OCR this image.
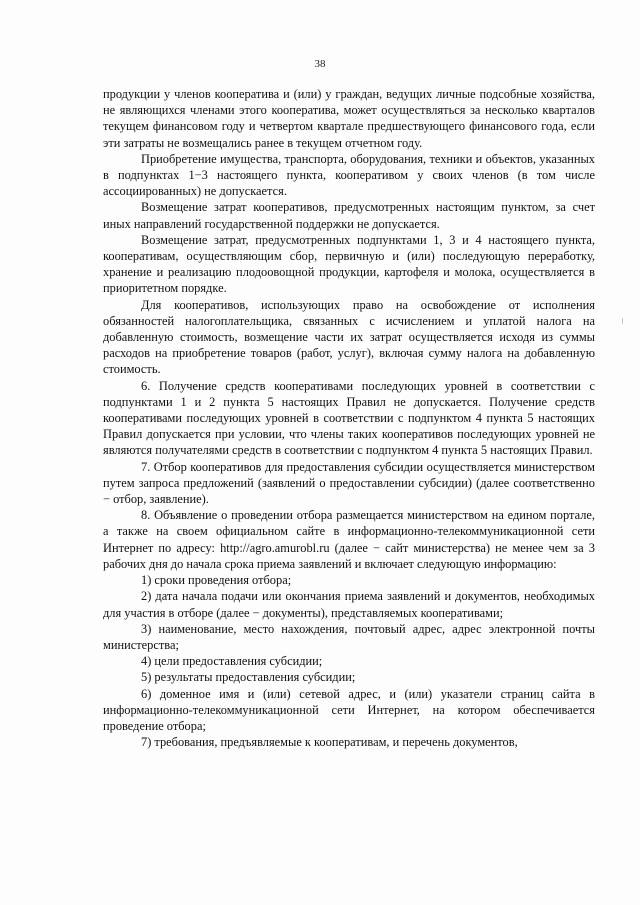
38

продукции у членов кооператива и (или) у граждан, ведущих личные подсобные хозяйства, не являющихся членами этого кооператива, может осуществляться за несколько кварталов текущем финансовом году и четвертом квартале предшествующего финансового года, если эти затраты не возмещались ранее в текущем отчетном году.

Приобретение имущества, транспорта, оборудования, техники и объектов, указанных в подпунктах 1−3 настоящего пункта, кооперативом у своих членов (в том числе ассоциированных) не допускается.

Возмещение затрат кооперативов, предусмотренных настоящим пунктом, за счет иных направлений государственной поддержки не допускается.

Возмещение затрат, предусмотренных подпунктами 1, 3 и 4 настоящего пункта, кооперативам, осуществляющим сбор, первичную и (или) последующую переработку, хранение и реализацию плодоовощной продукции, картофеля и молока, осуществляется в приоритетном порядке.

Для кооперативов, использующих право на освобождение от исполнения обязанностей налогоплательщика, связанных с исчислением и уплатой налога на добавленную стоимость, возмещение части их затрат осуществляется исходя из суммы расходов на приобретение товаров (работ, услуг), включая сумму налога на добавленную стоимость.

6. Получение средств кооперативами последующих уровней в соответствии с подпунктами 1 и 2 пункта 5 настоящих Правил не допускается. Получение средств кооперативами последующих уровней в соответствии с подпунктом 4 пункта 5 настоящих Правил допускается при условии, что члены таких кооперативов последующих уровней не являются получателями средств в соответствии с подпунктом 4 пункта 5 настоящих Правил.

7. Отбор кооперативов для предоставления субсидии осуществляется министерством путем запроса предложений (заявлений о предоставлении субсидии) (далее соответственно − отбор, заявление).

8. Объявление о проведении отбора размещается министерством на едином портале, а также на своем официальном сайте в информационно-телекоммуникационной сети Интернет по адресу: http://agro.amurobl.ru (далее − сайт министерства) не менее чем за 3 рабочих дня до начала срока приема заявлений и включает следующую информацию:

1) сроки проведения отбора;

2) дата начала подачи или окончания приема заявлений и документов, необходимых для участия в отборе (далее − документы), представляемых кооперативами;

3) наименование, место нахождения, почтовый адрес, адрес электронной почты министерства;

4) цели предоставления субсидии;

5) результаты предоставления субсидии;

6) доменное имя и (или) сетевой адрес, и (или) указатели страниц сайта в информационно-телекоммуникационной сети Интернет, на котором обеспечивается проведение отбора;

7) требования, предъявляемые к кооперативам, и перечень документов,
